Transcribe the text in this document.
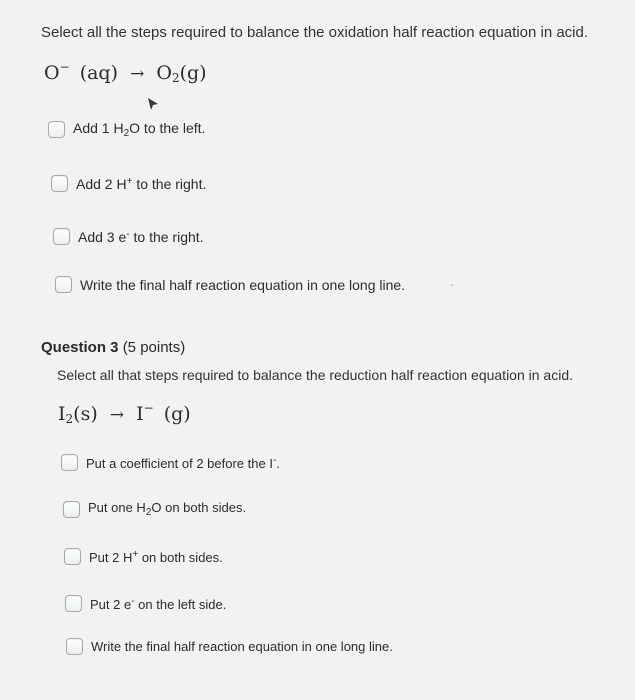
Select all the steps required to balance the oxidation half reaction equation in acid.
O− $(aq) \to O_2(g)$
Add 1 $H_2O$ to the left.
Add 2 H+ to the right.
Add 3 e- to the right.
Write the final half reaction equation in one long line.
Question 3 (5 points)
Select all that steps required to balance the reduction half reaction equation in acid.
$I_2(s) \to I^-$ (g)
Put a coefficient of 2 before the I-.
Put one $H_2O$ on both sides.
Put 2 H+ on both sides.
Put 2 e- on the left side.
Write the final half reaction equation in one long line.
